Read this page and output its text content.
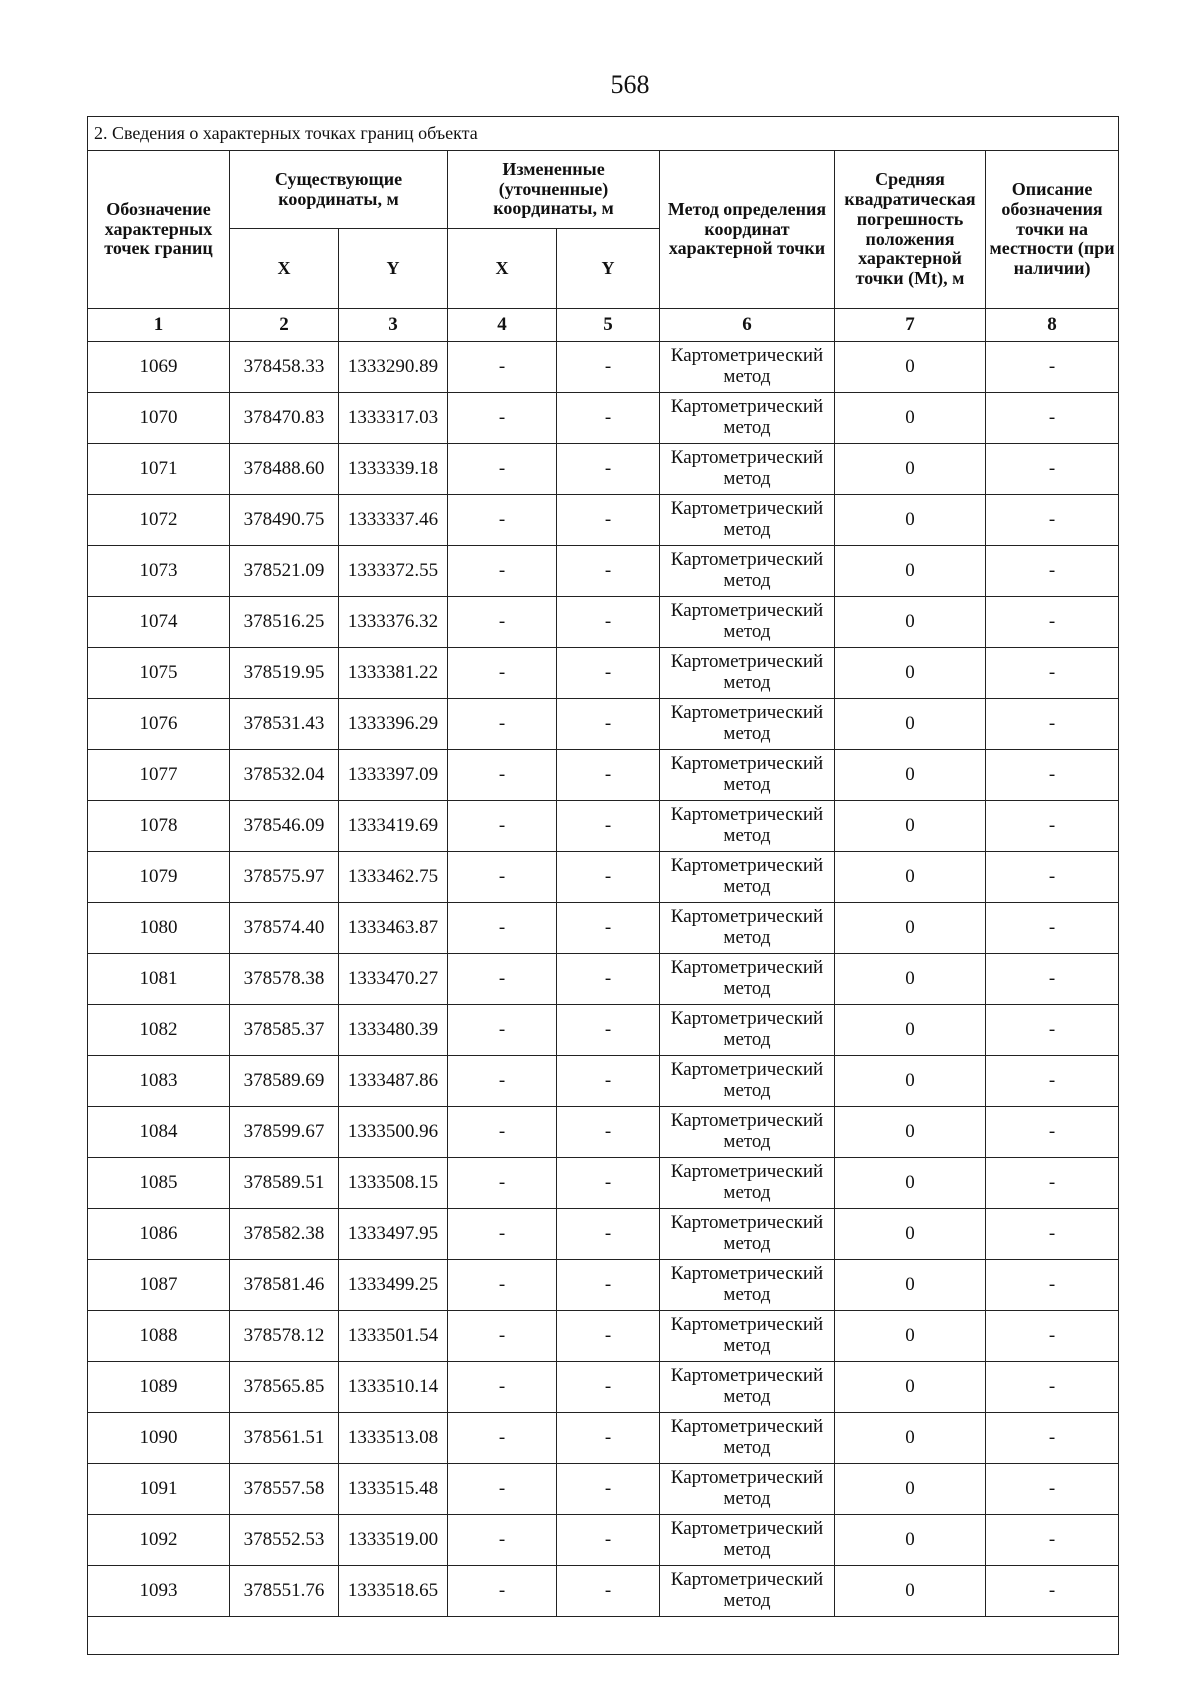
568
2. Сведения о характерных точках границ объекта							
Обозначение характерных точек границ	Существующие координаты, м		Измененные (уточненные) координаты, м		Метод определения координат характерной точки	Средняя квадратическая погрешность положения характерной точки (Mt), м	Описание обозначения точки на местности (при наличии)
	X	Y	X	Y			
1	2	3	4	5	6	7	8
1069	378458.33	1333290.89	-	-	Картометрический метод	0	-
1070	378470.83	1333317.03	-	-	Картометрический метод	0	-
1071	378488.60	1333339.18	-	-	Картометрический метод	0	-
1072	378490.75	1333337.46	-	-	Картометрический метод	0	-
1073	378521.09	1333372.55	-	-	Картометрический метод	0	-
1074	378516.25	1333376.32	-	-	Картометрический метод	0	-
1075	378519.95	1333381.22	-	-	Картометрический метод	0	-
1076	378531.43	1333396.29	-	-	Картометрический метод	0	-
1077	378532.04	1333397.09	-	-	Картометрический метод	0	-
1078	378546.09	1333419.69	-	-	Картометрический метод	0	-
1079	378575.97	1333462.75	-	-	Картометрический метод	0	-
1080	378574.40	1333463.87	-	-	Картометрический метод	0	-
1081	378578.38	1333470.27	-	-	Картометрический метод	0	-
1082	378585.37	1333480.39	-	-	Картометрический метод	0	-
1083	378589.69	1333487.86	-	-	Картометрический метод	0	-
1084	378599.67	1333500.96	-	-	Картометрический метод	0	-
1085	378589.51	1333508.15	-	-	Картометрический метод	0	-
1086	378582.38	1333497.95	-	-	Картометрический метод	0	-
1087	378581.46	1333499.25	-	-	Картометрический метод	0	-
1088	378578.12	1333501.54	-	-	Картометрический метод	0	-
1089	378565.85	1333510.14	-	-	Картометрический метод	0	-
1090	378561.51	1333513.08	-	-	Картометрический метод	0	-
1091	378557.58	1333515.48	-	-	Картометрический метод	0	-
1092	378552.53	1333519.00	-	-	Картометрический метод	0	-
1093	378551.76	1333518.65	-	-	Картометрический метод	0	-
